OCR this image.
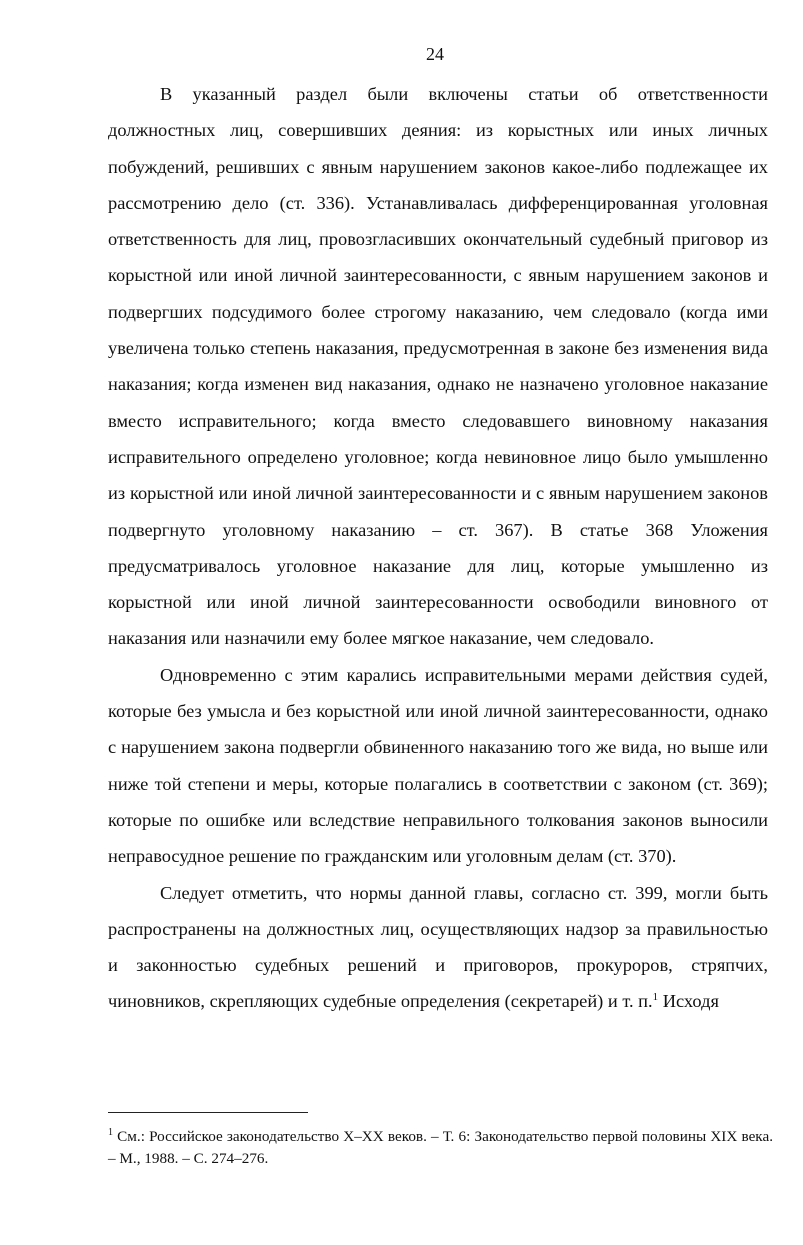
24

В указанный раздел были включены статьи об ответственности должностных лиц, совершивших деяния: из корыстных или иных личных побуждений, решивших с явным нарушением законов какое-либо подлежащее их рассмотрению дело (ст. 336). Устанавливалась дифференцированная уголовная ответственность для лиц, провозгласивших окончательный судебный приговор из корыстной или иной личной заинтересованности, с явным нарушением законов и подвергших подсудимого более строгому наказанию, чем следовало (когда ими увеличена только степень наказания, предусмотренная в законе без изменения вида наказания; когда изменен вид наказания, однако не назначено уголовное наказание вместо исправительного; когда вместо следовавшего виновному наказания исправительного определено уголовное; когда невиновное лицо было умышленно из корыстной или иной личной заинтересованности и с явным нарушением законов подвергнуто уголовному наказанию – ст. 367). В статье 368 Уложения предусматривалось уголовное наказание для лиц, которые умышленно из корыстной или иной личной заинтересованности освободили виновного от наказания или назначили ему более мягкое наказание, чем следовало.

Одновременно с этим карались исправительными мерами действия судей, которые без умысла и без корыстной или иной личной заинтересованности, однако с нарушением закона подвергли обвиненного наказанию того же вида, но выше или ниже той степени и меры, которые полагались в соответствии с законом (ст. 369); которые по ошибке или вследствие неправильного толкования законов выносили неправосудное решение по гражданским или уголовным делам (ст. 370).

Следует отметить, что нормы данной главы, согласно ст. 399, могли быть распространены на должностных лиц, осуществляющих надзор за правильностью и законностью судебных решений и приговоров, прокуроров, стряпчих, чиновников, скрепляющих судебные определения (секретарей) и т. п.$^1$ Исходя

$^1$ См.: Российское законодательство X–XX веков. – Т. 6: Законодательство первой половины XIX века. – М., 1988. – С. 274–276.
